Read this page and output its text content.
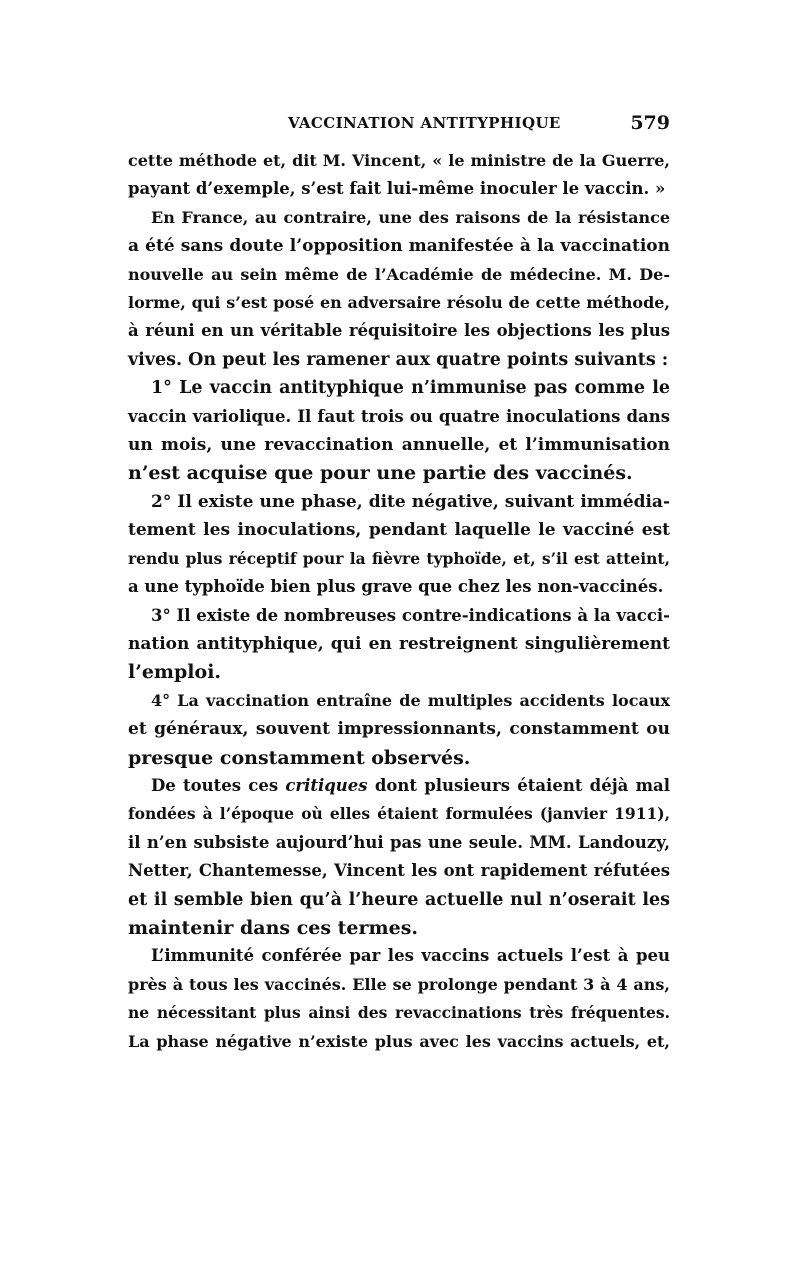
VACCINATION ANTITYPHIQUE	579
cette méthode et, dit M. Vincent, « le ministre de la Guerre,
payant d’exemple, s’est fait lui-même inoculer le vaccin. »
En France, au contraire, une des raisons de la résistance
a été sans doute l’opposition manifestée à la vaccination
nouvelle au sein même de l’Académie de médecine. M. De-
lorme, qui s’est posé en adversaire résolu de cette méthode,
à réuni en un véritable réquisitoire les objections les plus
vives. On peut les ramener aux quatre points suivants :
1° Le vaccin antityphique n’immunise pas comme le
vaccin variolique. Il faut trois ou quatre inoculations dans
un mois, une revaccination annuelle, et l’immunisation
n’est acquise que pour une partie des vaccinés.
2° Il existe une phase, dite négative, suivant immédia-
tement les inoculations, pendant laquelle le vacciné est
rendu plus réceptif pour la fièvre typhoïde, et, s’il est atteint,
a une typhoïde bien plus grave que chez les non-vaccinés.
3° Il existe de nombreuses contre-indications à la vacci-
nation antityphique, qui en restreignent singulièrement
l’emploi.
4° La vaccination entraîne de multiples accidents locaux
et généraux, souvent impressionnants, constamment ou
presque constamment observés.
De toutes ces critiques dont plusieurs étaient déjà mal
fondées à l’époque où elles étaient formulées (janvier 1911),
il n’en subsiste aujourd’hui pas une seule. MM. Landouzy,
Netter, Chantemesse, Vincent les ont rapidement réfutées
et il semble bien qu’à l’heure actuelle nul n’oserait les
maintenir dans ces termes.
L’immunité conférée par les vaccins actuels l’est à peu
près à tous les vaccinés. Elle se prolonge pendant 3 à 4 ans,
ne nécessitant plus ainsi des revaccinations très fréquentes.
La phase négative n’existe plus avec les vaccins actuels, et,
